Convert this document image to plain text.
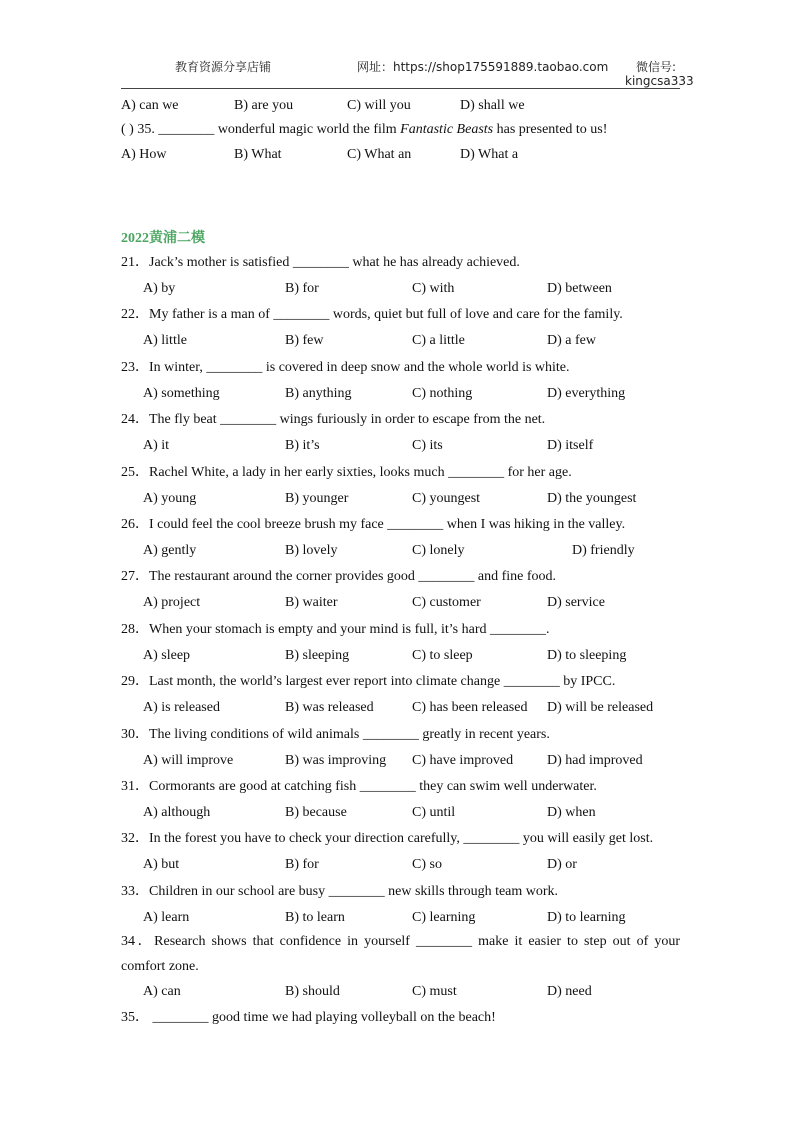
教育资源分享店铺	网址：https://shop175591889.taobao.com 微信号:
kingcsa333
A) can we	B) are you	C) will you	D) shall we
( ) 35. ________ wonderful magic world the film Fantastic Beasts has presented to us!
A) How	B) What	C) What an	D) What a
2022黄浦二模
21．Jack’s mother is satisfied ________ what he has already achieved.
A) by	B) for	C) with	D) between
22．My father is a man of ________ words, quiet but full of love and care for the family.
A) little	B) few	C) a little	D) a few
23．In winter, ________ is covered in deep snow and the whole world is white.
A) something	B) anything	C) nothing	D) everything
24．The fly beat ________ wings furiously in order to escape from the net.
A) it	B) it’s	C) its	D) itself
25．Rachel White, a lady in her early sixties, looks much ________ for her age.
A) young	B) younger	C) youngest	D) the youngest
26．I could feel the cool breeze brush my face ________ when I was hiking in the valley.
A) gently	B) lovely	C) lonely	D) friendly
27．The restaurant around the corner provides good ________ and fine food.
A) project	B) waiter	C) customer	D) service
28．When your stomach is empty and your mind is full, it’s hard ________.
A) sleep	B) sleeping	C) to sleep	D) to sleeping
29．Last month, the world’s largest ever report into climate change ________ by IPCC.
A) is released	B) was released	C) has been released D) will be released
30．The living conditions of wild animals ________ greatly in recent years.
A) will improve	B) was improving C) have improved D) had improved
31．Cormorants are good at catching fish ________ they can swim well underwater.
A) although	B) because	C) until	D) when
32．In the forest you have to check your direction carefully, ________ you will easily get lost.
A) but	B) for	C) so	D) or
33．Children in our school are busy ________ new skills through team work.
A) learn	B) to learn	C) learning	D) to learning
34．Research shows that confidence in yourself ________ make it easier to step out of your
comfort zone.
A) can	B) should	C) must	D) need
35． ________ good time we had playing volleyball on the beach!
